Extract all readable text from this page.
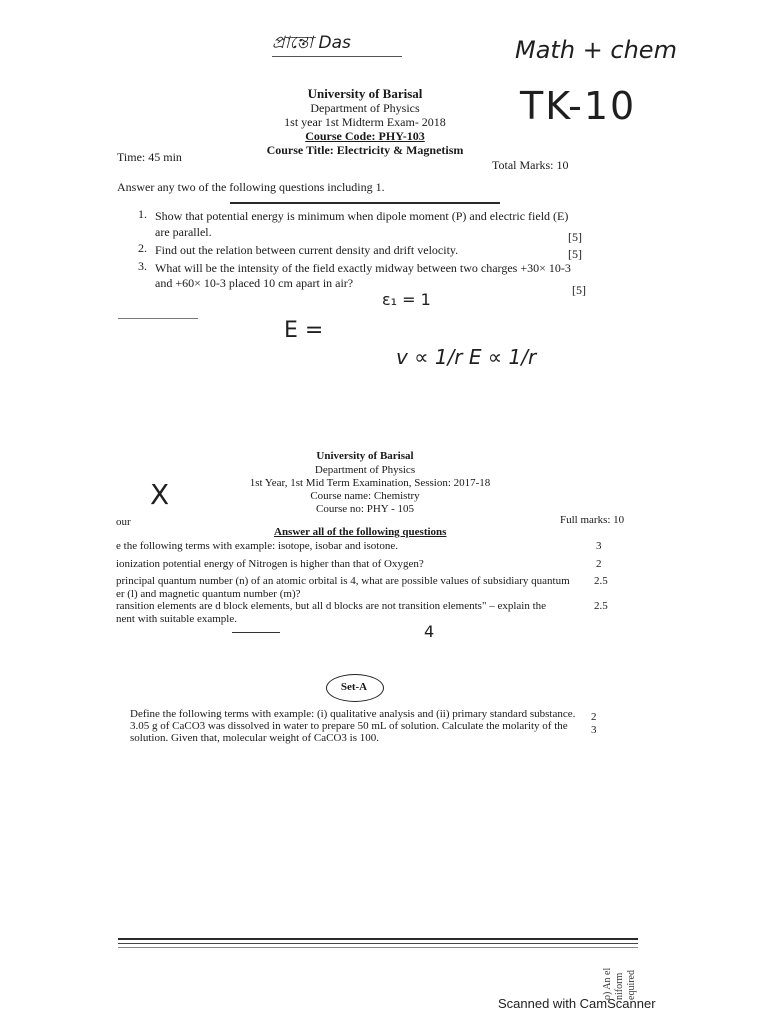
প্রান্তো Das	Math + chem
TK-10
University of Barisal
Department of Physics
1st year 1st Midterm Exam- 2018
Course Code: PHY-103
Course Title: Electricity & Magnetism
Time: 45 min
Total Marks: 10
Answer any two of the following questions including 1.
1. Show that potential energy is minimum when dipole moment (P) and electric field (E)
are parallel.	[5]
2. Find out the relation between current density and drift velocity.	[5]
3. What will be the intensity of the field exactly midway between two charges +30× 10-3
and +60× 10-3 placed 10 cm apart in air?	[5]
ε₁ = 1
E =
v ∝ 1/r E ∝ 1/r
University of Barisal
Department of Physics
1st Year, 1st Mid Term Examination, Session: 2017-18
Course name: Chemistry
Course no: PHY - 105
X
our	Full marks: 10
Answer all of the following questions
e the following terms with example: isotope, isobar and isotone.	3
ionization potential energy of Nitrogen is higher than that of Oxygen?	2
principal quantum number (n) of an atomic orbital is 4, what are possible values of subsidiary quantum 2.5
er (l) and magnetic quantum number (m)?
ransition elements are d block elements, but all d blocks are not transition elements" – explain the	2.5
nent with suitable example.
4
Set-A
Define the following terms with example: (i) qualitative analysis and (ii) primary standard substance. 2
3.05 g of CaCO3 was dissolved in water to prepare 50 mL of solution. Calculate the molarity of the 3
solution. Given that, molecular weight of CaCO3 is 100.
o) An el niform equired
Scanned with CamScanner
